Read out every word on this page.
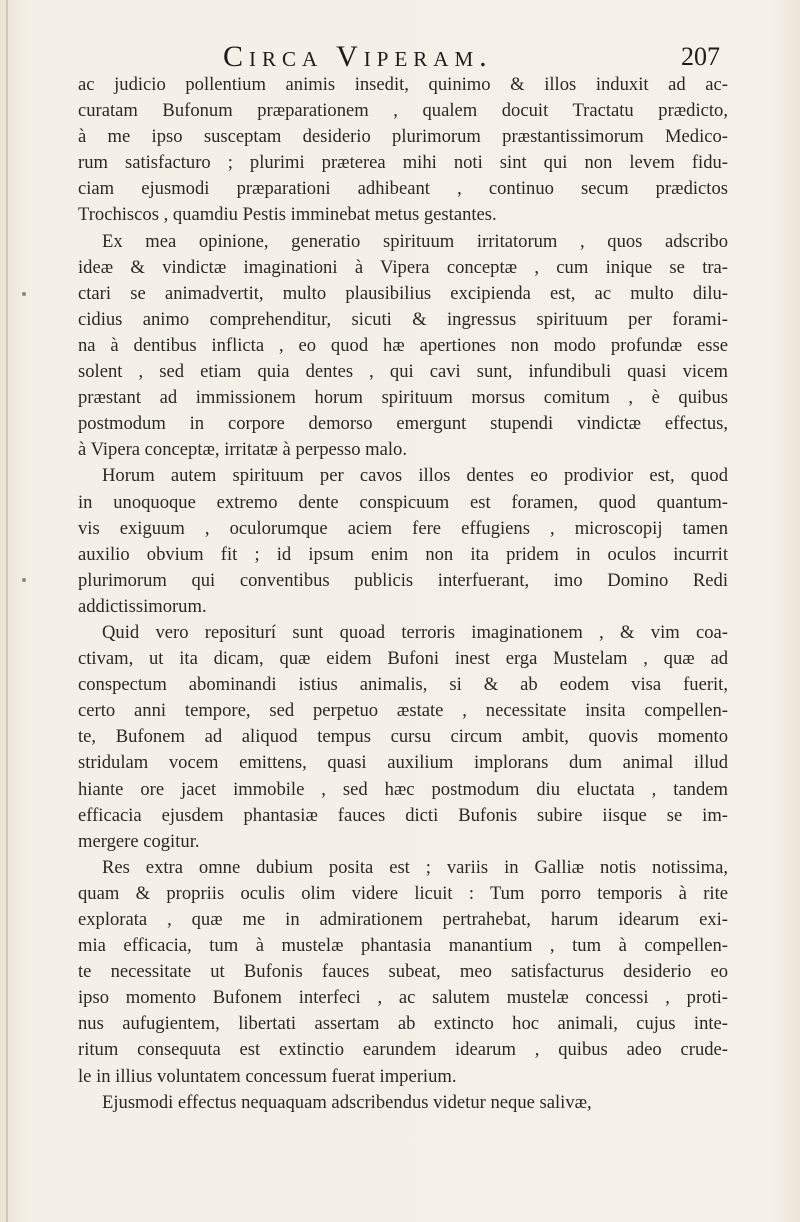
Circa Viperam.	207
ac judicio pollentium animis insedit, quinimo & illos induxit ad ac-
curatam Bufonum præparationem , qualem docuit Tractatu prædicto,
à me ipso susceptam desiderio plurimorum præstantissimorum Medico-
rum satisfacturo ; plurimi præterea mihi noti sint qui non levem fidu-
ciam ejusmodi præparationi adhibeant , continuo secum prædictos
Trochiscos , quamdiu Pestis imminebat metus gestantes.
Ex mea opinione, generatio spirituum irritatorum , quos adscribo
ideæ & vindictæ imaginationi à Vipera conceptæ , cum inique se tra-
ctari se animadvertit, multo plausibilius excipienda est, ac multo dilu-
cidius animo comprehenditur, sicuti & ingressus spirituum per forami-
na à dentibus inflicta , eo quod hæ apertiones non modo profundæ esse
solent , sed etiam quia dentes , qui cavi sunt, infundibuli quasi vicem
præstant ad immissionem horum spirituum morsus comitum , è quibus
postmodum in corpore demorso emergunt stupendi vindictæ effectus,
à Vipera conceptæ, irritatæ à perpesso malo.
Horum autem spirituum per cavos illos dentes eo prodivior est, quod
in unoquoque extremo dente conspicuum est foramen, quod quantum-
vis exiguum , oculorumque aciem fere effugiens , microscopij tamen
auxilio obvium fit ; id ipsum enim non ita pridem in oculos incurrit
plurimorum qui conventibus publicis interfuerant, imo Domino Redi
addictissimorum.
Quid vero repositurí sunt quoad terroris imaginationem , & vim coa-
ctivam, ut ita dicam, quæ eidem Bufoni inest erga Mustelam , quæ ad
conspectum abominandi istius animalis, si & ab eodem visa fuerit,
certo anni tempore, sed perpetuo æstate , necessitate insita compellen-
te, Bufonem ad aliquod tempus cursu circum ambit, quovis momento
stridulam vocem emittens, quasi auxilium implorans dum animal illud
hiante ore jacet immobile , sed hæc postmodum diu eluctata , tandem
efficacia ejusdem phantasiæ fauces dicti Bufonis subire iisque se im-
mergere cogitur.
Res extra omne dubium posita est ; variis in Galliæ notis notissima,
quam & propriis oculis olim videre licuit : Tum porro temporis à rite
explorata , quæ me in admirationem pertrahebat, harum idearum exi-
mia efficacia, tum à mustelæ phantasia manantium , tum à compellen-
te necessitate ut Bufonis fauces subeat, meo satisfacturus desiderio eo
ipso momento Bufonem interfeci , ac salutem mustelæ concessi , proti-
nus aufugientem, libertati assertam ab extincto hoc animali, cujus inte-
ritum consequuta est extinctio earundem idearum , quibus adeo crude-
le in illius voluntatem concessum fuerat imperium.
Ejusmodi effectus nequaquam adscribendus videtur neque salivæ,
